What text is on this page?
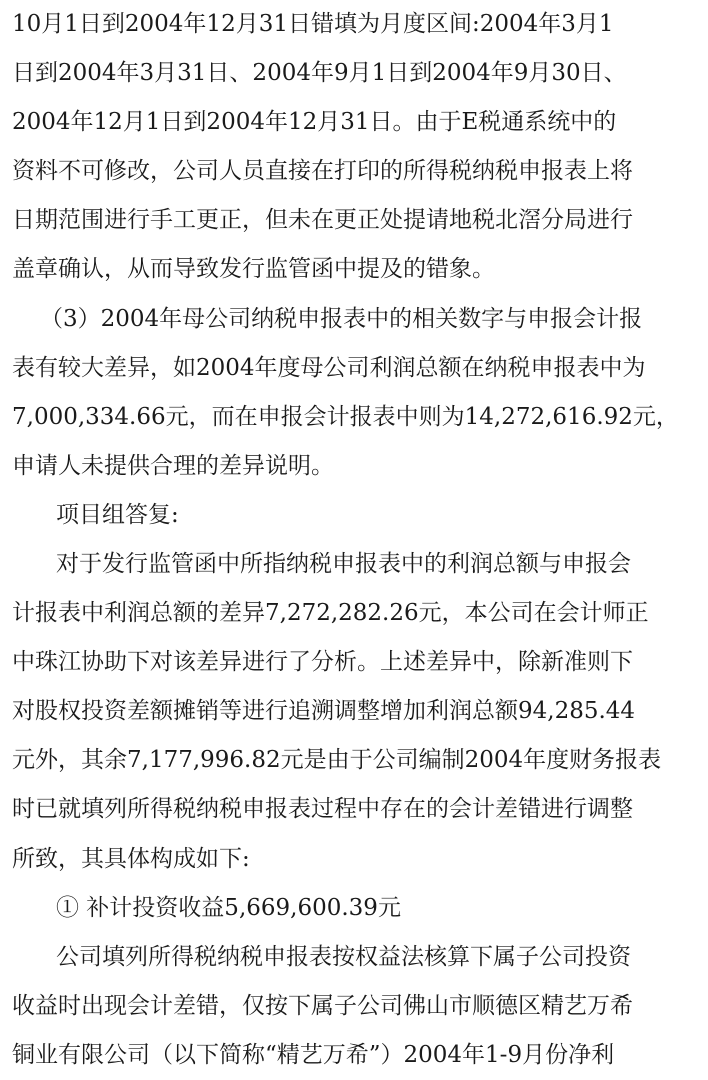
10月1日到2004年12月31日错填为月度区间:2004年3月1
日到2004年3月31日、2004年9月1日到2004年9月30日、
2004年12月1日到2004年12月31日。由于E税通系统中的
资料不可修改，公司人员直接在打印的所得税纳税申报表上将
日期范围进行手工更正，但未在更正处提请地税北滘分局进行
盖章确认，从而导致发行监管函中提及的错象。
（3）2004年母公司纳税申报表中的相关数字与申报会计报
表有较大差异，如2004年度母公司利润总额在纳税申报表中为
7,000,334.66元，而在申报会计报表中则为14,272,616.92元，
申请人未提供合理的差异说明。
项目组答复:
对于发行监管函中所指纳税申报表中的利润总额与申报会
计报表中利润总额的差异7,272,282.26元，本公司在会计师正
中珠江协助下对该差异进行了分析。上述差异中，除新准则下
对股权投资差额摊销等进行追溯调整增加利润总额94,285.44
元外，其余7,177,996.82元是由于公司编制2004年度财务报表
时已就填列所得税纳税申报表过程中存在的会计差错进行调整
所致，其具体构成如下:
① 补计投资收益5,669,600.39元
公司填列所得税纳税申报表按权益法核算下属子公司投资
收益时出现会计差错，仅按下属子公司佛山市顺德区精艺万希
铜业有限公司（以下简称“精艺万希”）2004年1-9月份净利
